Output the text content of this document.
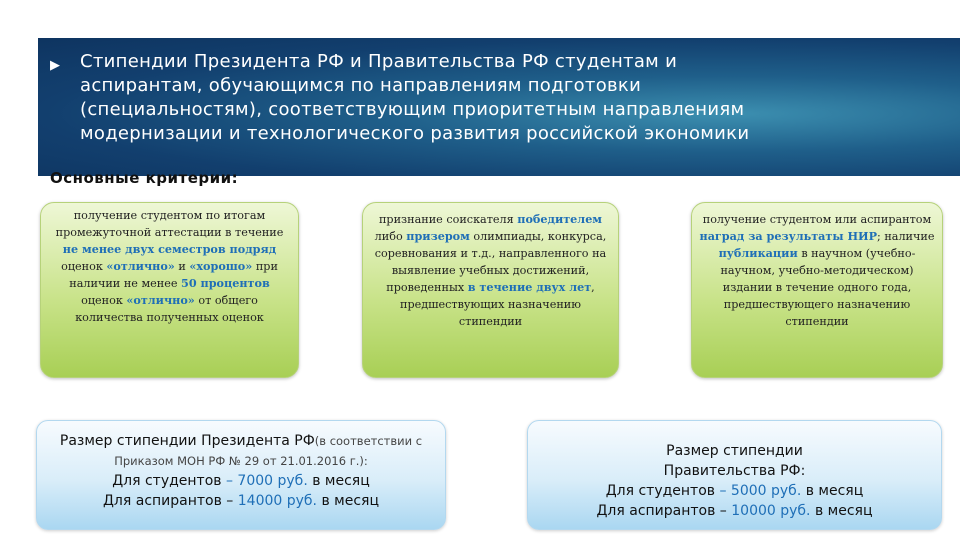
▶ Стипендии Президента РФ и Правительства РФ студентам и аспирантам, обучающимся по направлениям подготовки (специальностям), соответствующим приоритетным направлениям модернизации и технологического развития российской экономики
Основные критерии:
получение студентом по итогам промежуточной аттестации в течение не менее двух семестров подряд оценок «отлично» и «хорошо» при наличии не менее 50 процентов оценок «отлично» от общего количества полученных оценок
признание соискателя победителем либо призером олимпиады, конкурса, соревнования и т.д., направленного на выявление учебных достижений, проведенных в течение двух лет, предшествующих назначению стипендии
получение студентом или аспирантом наград за результаты НИР; наличие публикации в научном (учебно-научном, учебно-методическом) издании в течение одного года, предшествующего назначению стипендии
Размер стипендии Президента РФ(в соответствии с Приказом МОН РФ № 29 от 21.01.2016 г.):
Для студентов – 7000 руб. в месяц
Для аспирантов – 14000 руб. в месяц
Размер стипендии Правительства РФ:
Для студентов – 5000 руб. в месяц
Для аспирантов – 10000 руб. в месяц
